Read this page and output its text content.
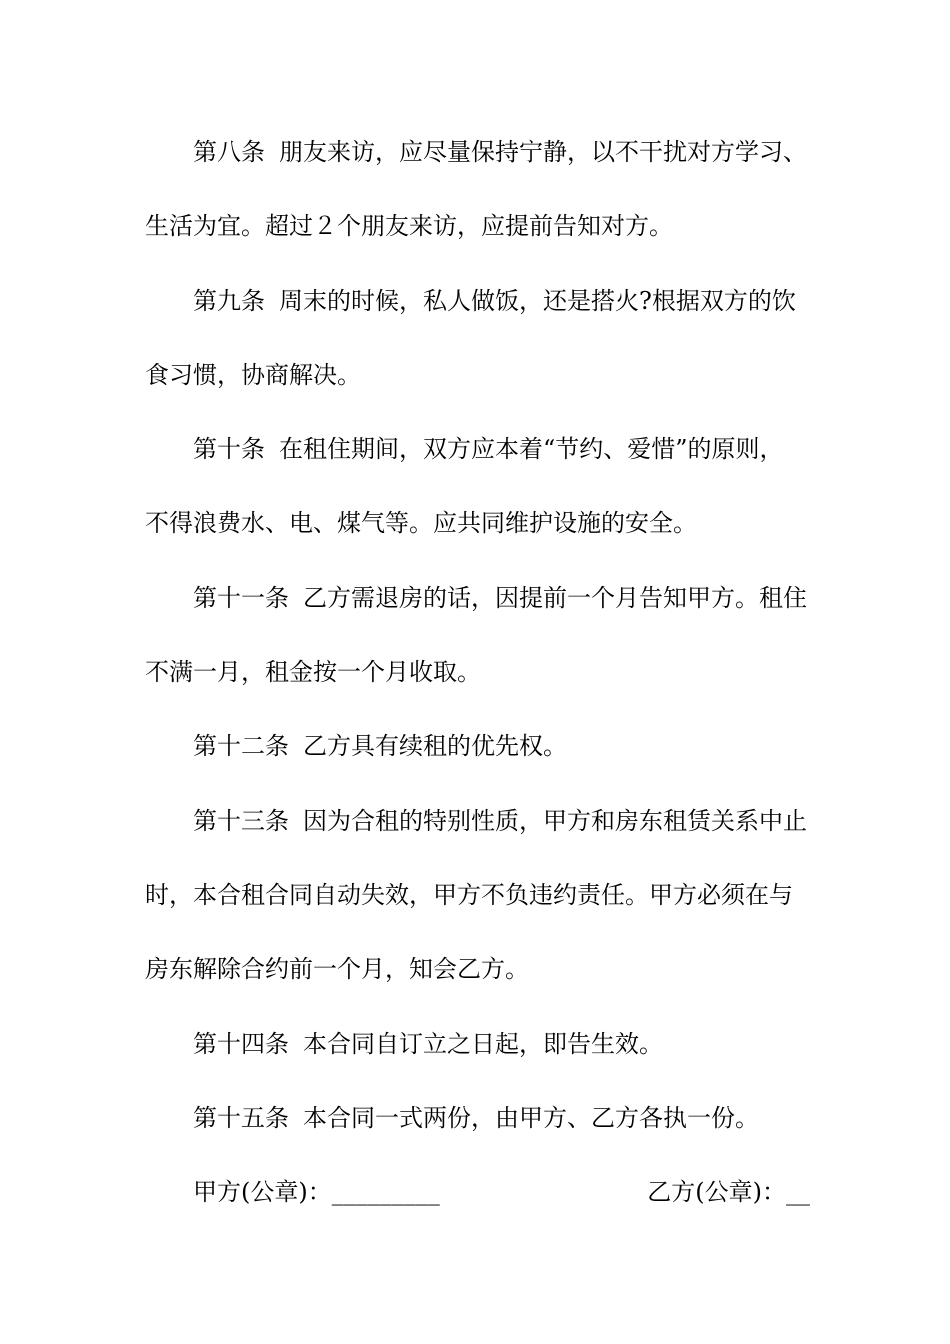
第八条 朋友来访，应尽量保持宁静，以不干扰对方学习、
生活为宜。超过２个朋友来访，应提前告知对方。
第九条 周末的时候，私人做饭，还是搭火?根据双方的饮
食习惯，协商解决。
第十条 在租住期间，双方应本着“节约、爱惜”的原则，
不得浪费水、电、煤气等。应共同维护设施的安全。
第十一条 乙方需退房的话，因提前一个月告知甲方。租住
不满一月，租金按一个月收取。
第十二条 乙方具有续租的优先权。
第十三条 因为合租的特别性质，甲方和房东租赁关系中止
时，本合租合同自动失效，甲方不负违约责任。甲方必须在与
房东解除合约前一个月，知会乙方。
第十四条 本合同自订立之日起，即告生效。
第十五条 本合同一式两份，由甲方、乙方各执一份。
甲方(公章)：_________	乙方(公章)：__
